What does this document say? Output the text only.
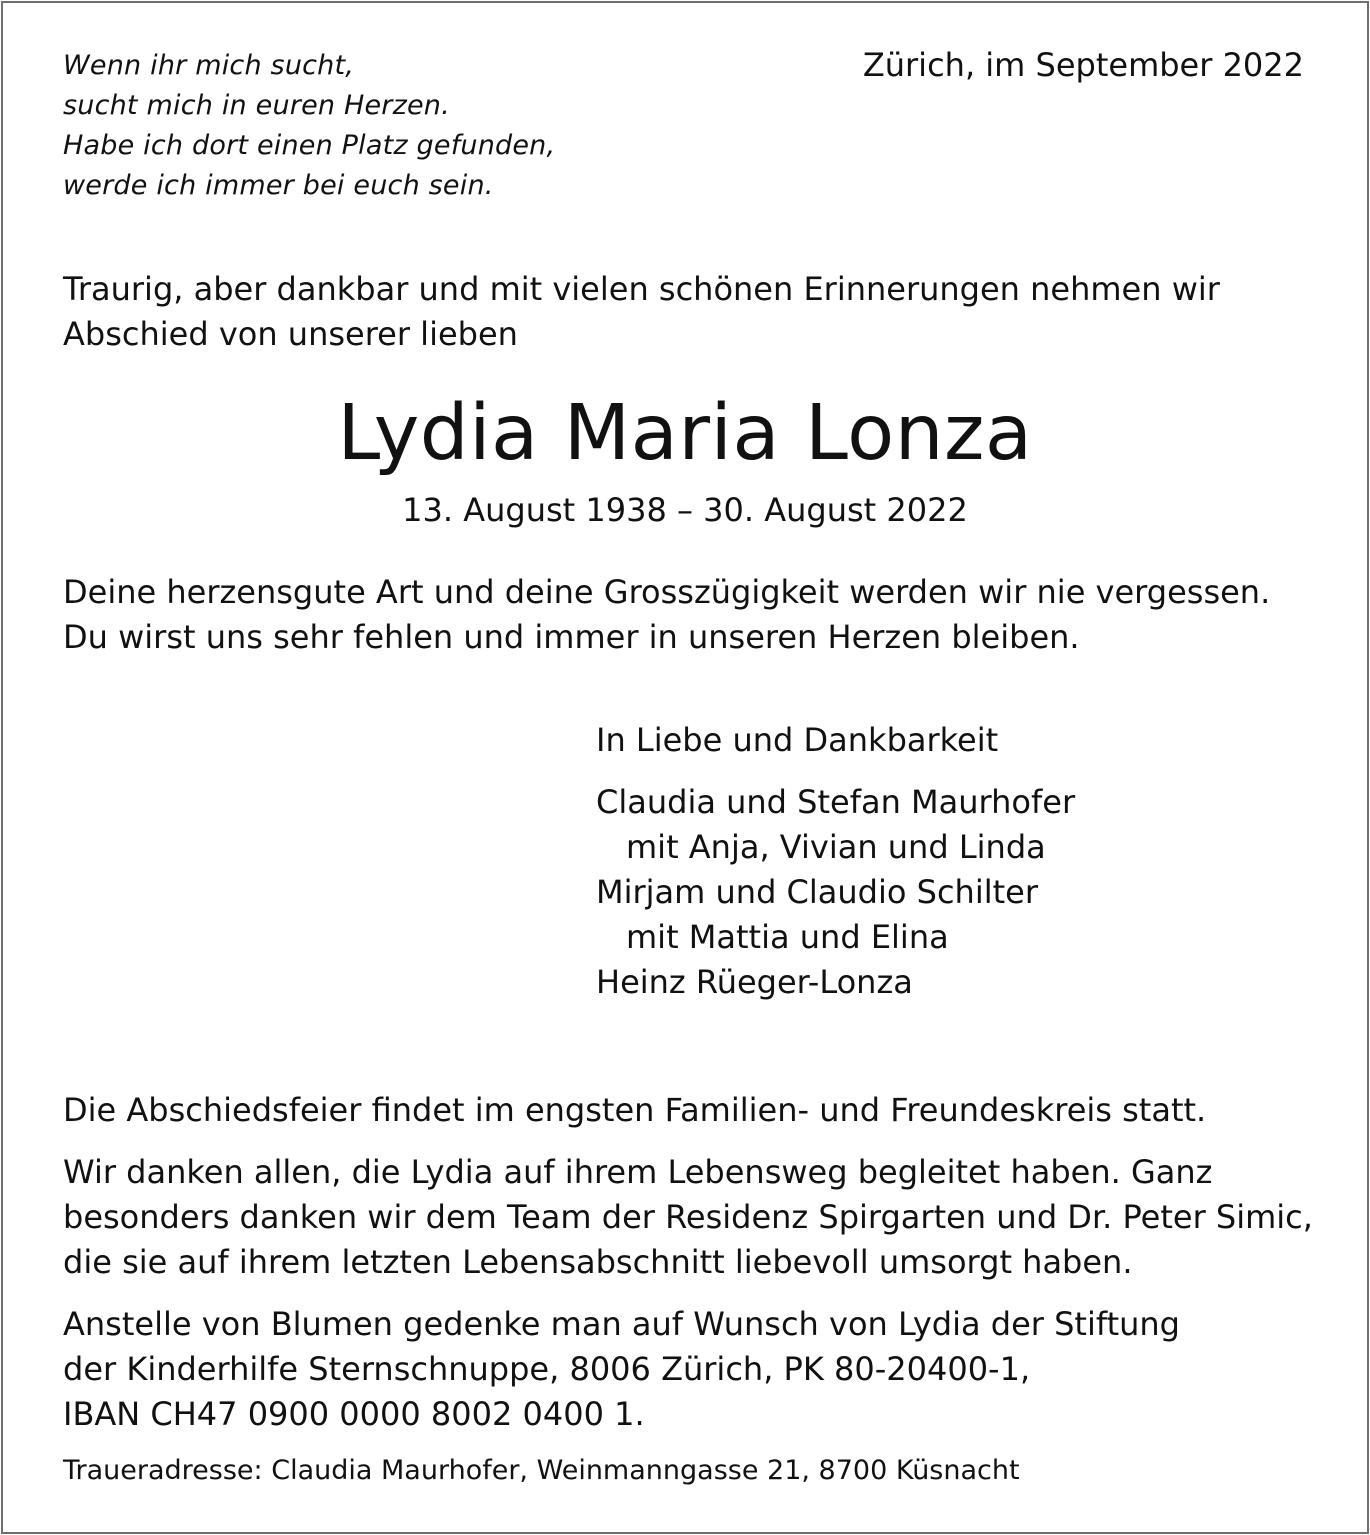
Wenn ihr mich sucht,
sucht mich in euren Herzen.
Habe ich dort einen Platz gefunden,
werde ich immer bei euch sein.
Zürich, im September 2022
Traurig, aber dankbar und mit vielen schönen Erinnerungen nehmen wir
Abschied von unserer lieben
Lydia Maria Lonza
13. August 1938 – 30. August 2022
Deine herzensgute Art und deine Grosszügigkeit werden wir nie vergessen.
Du wirst uns sehr fehlen und immer in unseren Herzen bleiben.
In Liebe und Dankbarkeit
Claudia und Stefan Maurhofer
mit Anja, Vivian und Linda
Mirjam und Claudio Schilter
mit Mattia und Elina
Heinz Rüeger-Lonza
Die Abschiedsfeier findet im engsten Familien- und Freundeskreis statt.
Wir danken allen, die Lydia auf ihrem Lebensweg begleitet haben. Ganz
besonders danken wir dem Team der Residenz Spirgarten und Dr. Peter Simic,
die sie auf ihrem letzten Lebensabschnitt liebevoll umsorgt haben.
Anstelle von Blumen gedenke man auf Wunsch von Lydia der Stiftung
der Kinderhilfe Sternschnuppe, 8006 Zürich, PK 80-20400-1,
IBAN CH47 0900 0000 8002 0400 1.
Traueradresse: Claudia Maurhofer, Weinmanngasse 21, 8700 Küsnacht
